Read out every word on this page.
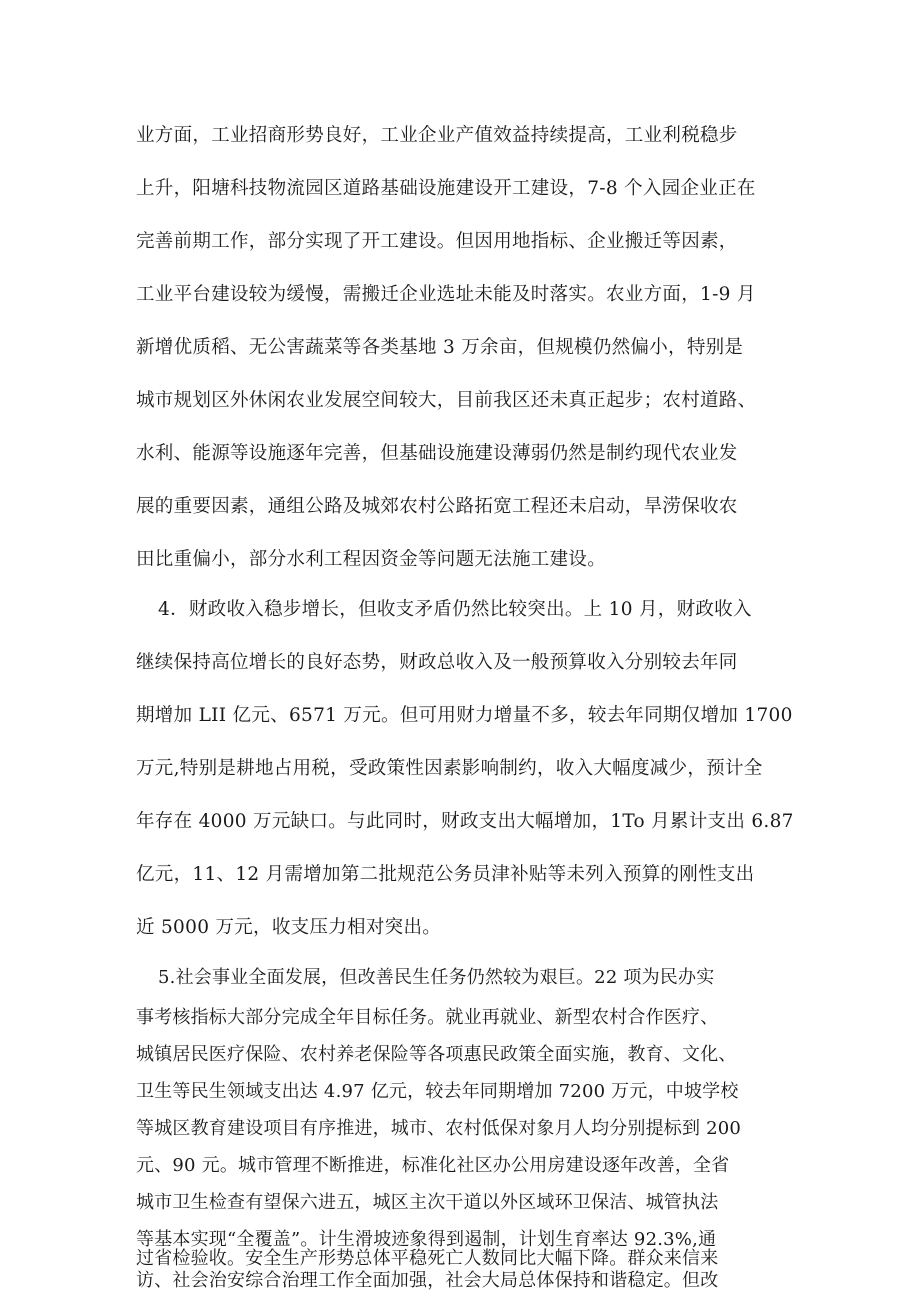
业方面，工业招商形势良好，工业企业产值效益持续提高，工业利税稳步
上升，阳塘科技物流园区道路基础设施建设开工建设，7-8 个入园企业正在
完善前期工作，部分实现了开工建设。但因用地指标、企业搬迁等因素，
工业平台建设较为缓慢，需搬迁企业选址未能及时落实。农业方面，1-9 月
新增优质稻、无公害蔬菜等各类基地 3 万余亩，但规模仍然偏小，特别是
城市规划区外休闲农业发展空间较大，目前我区还未真正起步；农村道路、
水利、能源等设施逐年完善，但基础设施建设薄弱仍然是制约现代农业发
展的重要因素，通组公路及城郊农村公路拓宽工程还未启动，旱涝保收农
田比重偏小，部分水利工程因资金等问题无法施工建设。
4．财政收入稳步增长，但收支矛盾仍然比较突出。上 10 月，财政收入
继续保持高位增长的良好态势，财政总收入及一般预算收入分别较去年同
期增加 LII 亿元、6571 万元。但可用财力增量不多，较去年同期仅增加 1700
万元,特别是耕地占用税，受政策性因素影响制约，收入大幅度减少，预计全
年存在 4000 万元缺口。与此同时，财政支出大幅增加，1To 月累计支出 6.87
亿元，11、12 月需增加第二批规范公务员津补贴等未列入预算的刚性支出
近 5000 万元，收支压力相对突出。
5.社会事业全面发展，但改善民生任务仍然较为艰巨。22 项为民办实
事考核指标大部分完成全年目标任务。就业再就业、新型农村合作医疗、
城镇居民医疗保险、农村养老保险等各项惠民政策全面实施，教育、文化、
卫生等民生领域支出达 4.97 亿元，较去年同期增加 7200 万元，中坡学校
等城区教育建设项目有序推进，城市、农村低保对象月人均分别提标到 200
元、90 元。城市管理不断推进，标准化社区办公用房建设逐年改善，全省
城市卫生检查有望保六进五，城区主次干道以外区域环卫保洁、城管执法
等基本实现“全覆盖”。计生滑坡迹象得到遏制，计划生育率达 92.3%,通
过省检验收。安全生产形势总体平稳死亡人数同比大幅下降。群众来信来
访、社会治安综合治理工作全面加强，社会大局总体保持和谐稳定。但改
